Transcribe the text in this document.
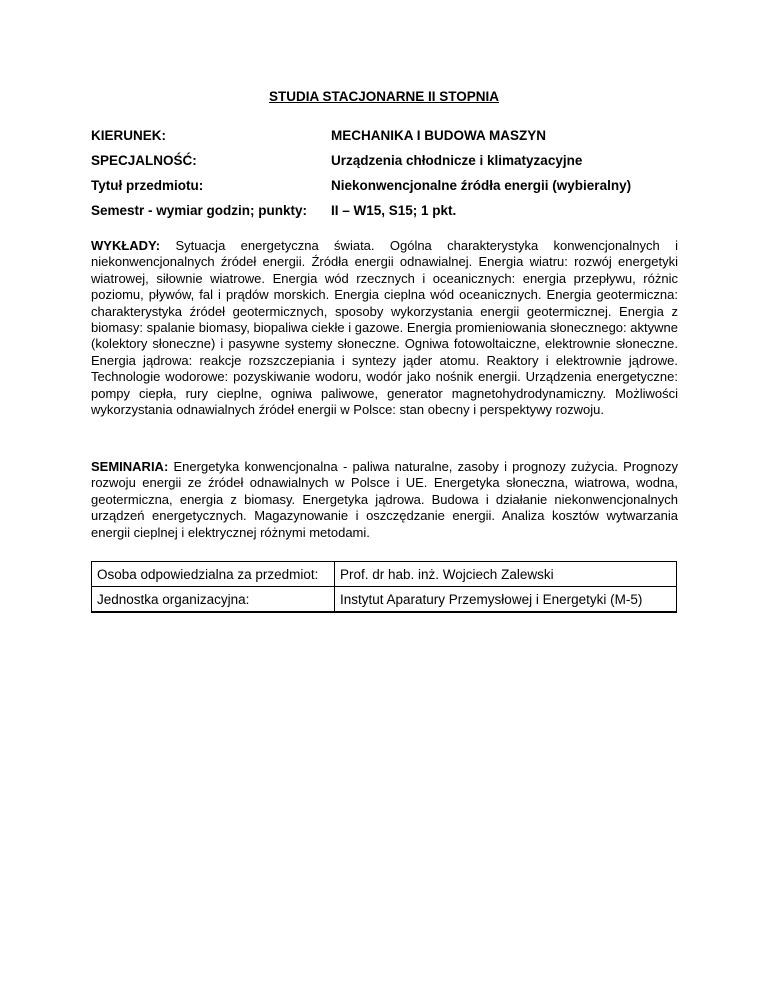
STUDIA STACJONARNE II STOPNIA
KIERUNEK:	MECHANIKA I BUDOWA MASZYN
SPECJALNOŚĆ:	Urządzenia chłodnicze i klimatyzacyjne
Tytuł przedmiotu:	Niekonwencjonalne źródła energii (wybieralny)
Semestr - wymiar godzin; punkty: II – W15, S15; 1 pkt.

WYKŁADY: Sytuacja energetyczna świata. Ogólna charakterystyka konwencjonalnych i niekonwencjonalnych źródeł energii. Źródła energii odnawialnej. Energia wiatru: rozwój energetyki wiatrowej, siłownie wiatrowe. Energia wód rzecznych i oceanicznych: energia przepływu, różnic poziomu, pływów, fal i prądów morskich. Energia cieplna wód oceanicznych. Energia geotermiczna: charakterystyka źródeł geotermicznych, sposoby wykorzystania energii geotermicznej. Energia z biomasy: spalanie biomasy, biopaliwa ciekłe i gazowe. Energia promieniowania słonecznego: aktywne (kolektory słoneczne) i pasywne systemy słoneczne. Ogniwa fotowoltaiczne, elektrownie słoneczne. Energia jądrowa: reakcje rozszczepiania i syntezy jąder atomu. Reaktory i elektrownie jądrowe. Technologie wodorowe: pozyskiwanie wodoru, wodór jako nośnik energii. Urządzenia energetyczne: pompy ciepła, rury cieplne, ogniwa paliwowe, generator magnetohydrodynamiczny. Możliwości wykorzystania odnawialnych źródeł energii w Polsce: stan obecny i perspektywy rozwoju.

SEMINARIA: Energetyka konwencjonalna - paliwa naturalne, zasoby i prognozy zużycia. Prognozy rozwoju energii ze źródeł odnawialnych w Polsce i UE. Energetyka słoneczna, wiatrowa, wodna, geotermiczna, energia z biomasy. Energetyka jądrowa. Budowa i działanie niekonwencjonalnych urządzeń energetycznych. Magazynowanie i oszczędzanie energii. Analiza kosztów wytwarzania energii cieplnej i elektrycznej różnymi metodami.

Osoba odpowiedzialna za przedmiot:	Prof. dr hab. inż. Wojciech Zalewski
Jednostka organizacyjna:	Instytut Aparatury Przemysłowej i Energetyki (M-5)
